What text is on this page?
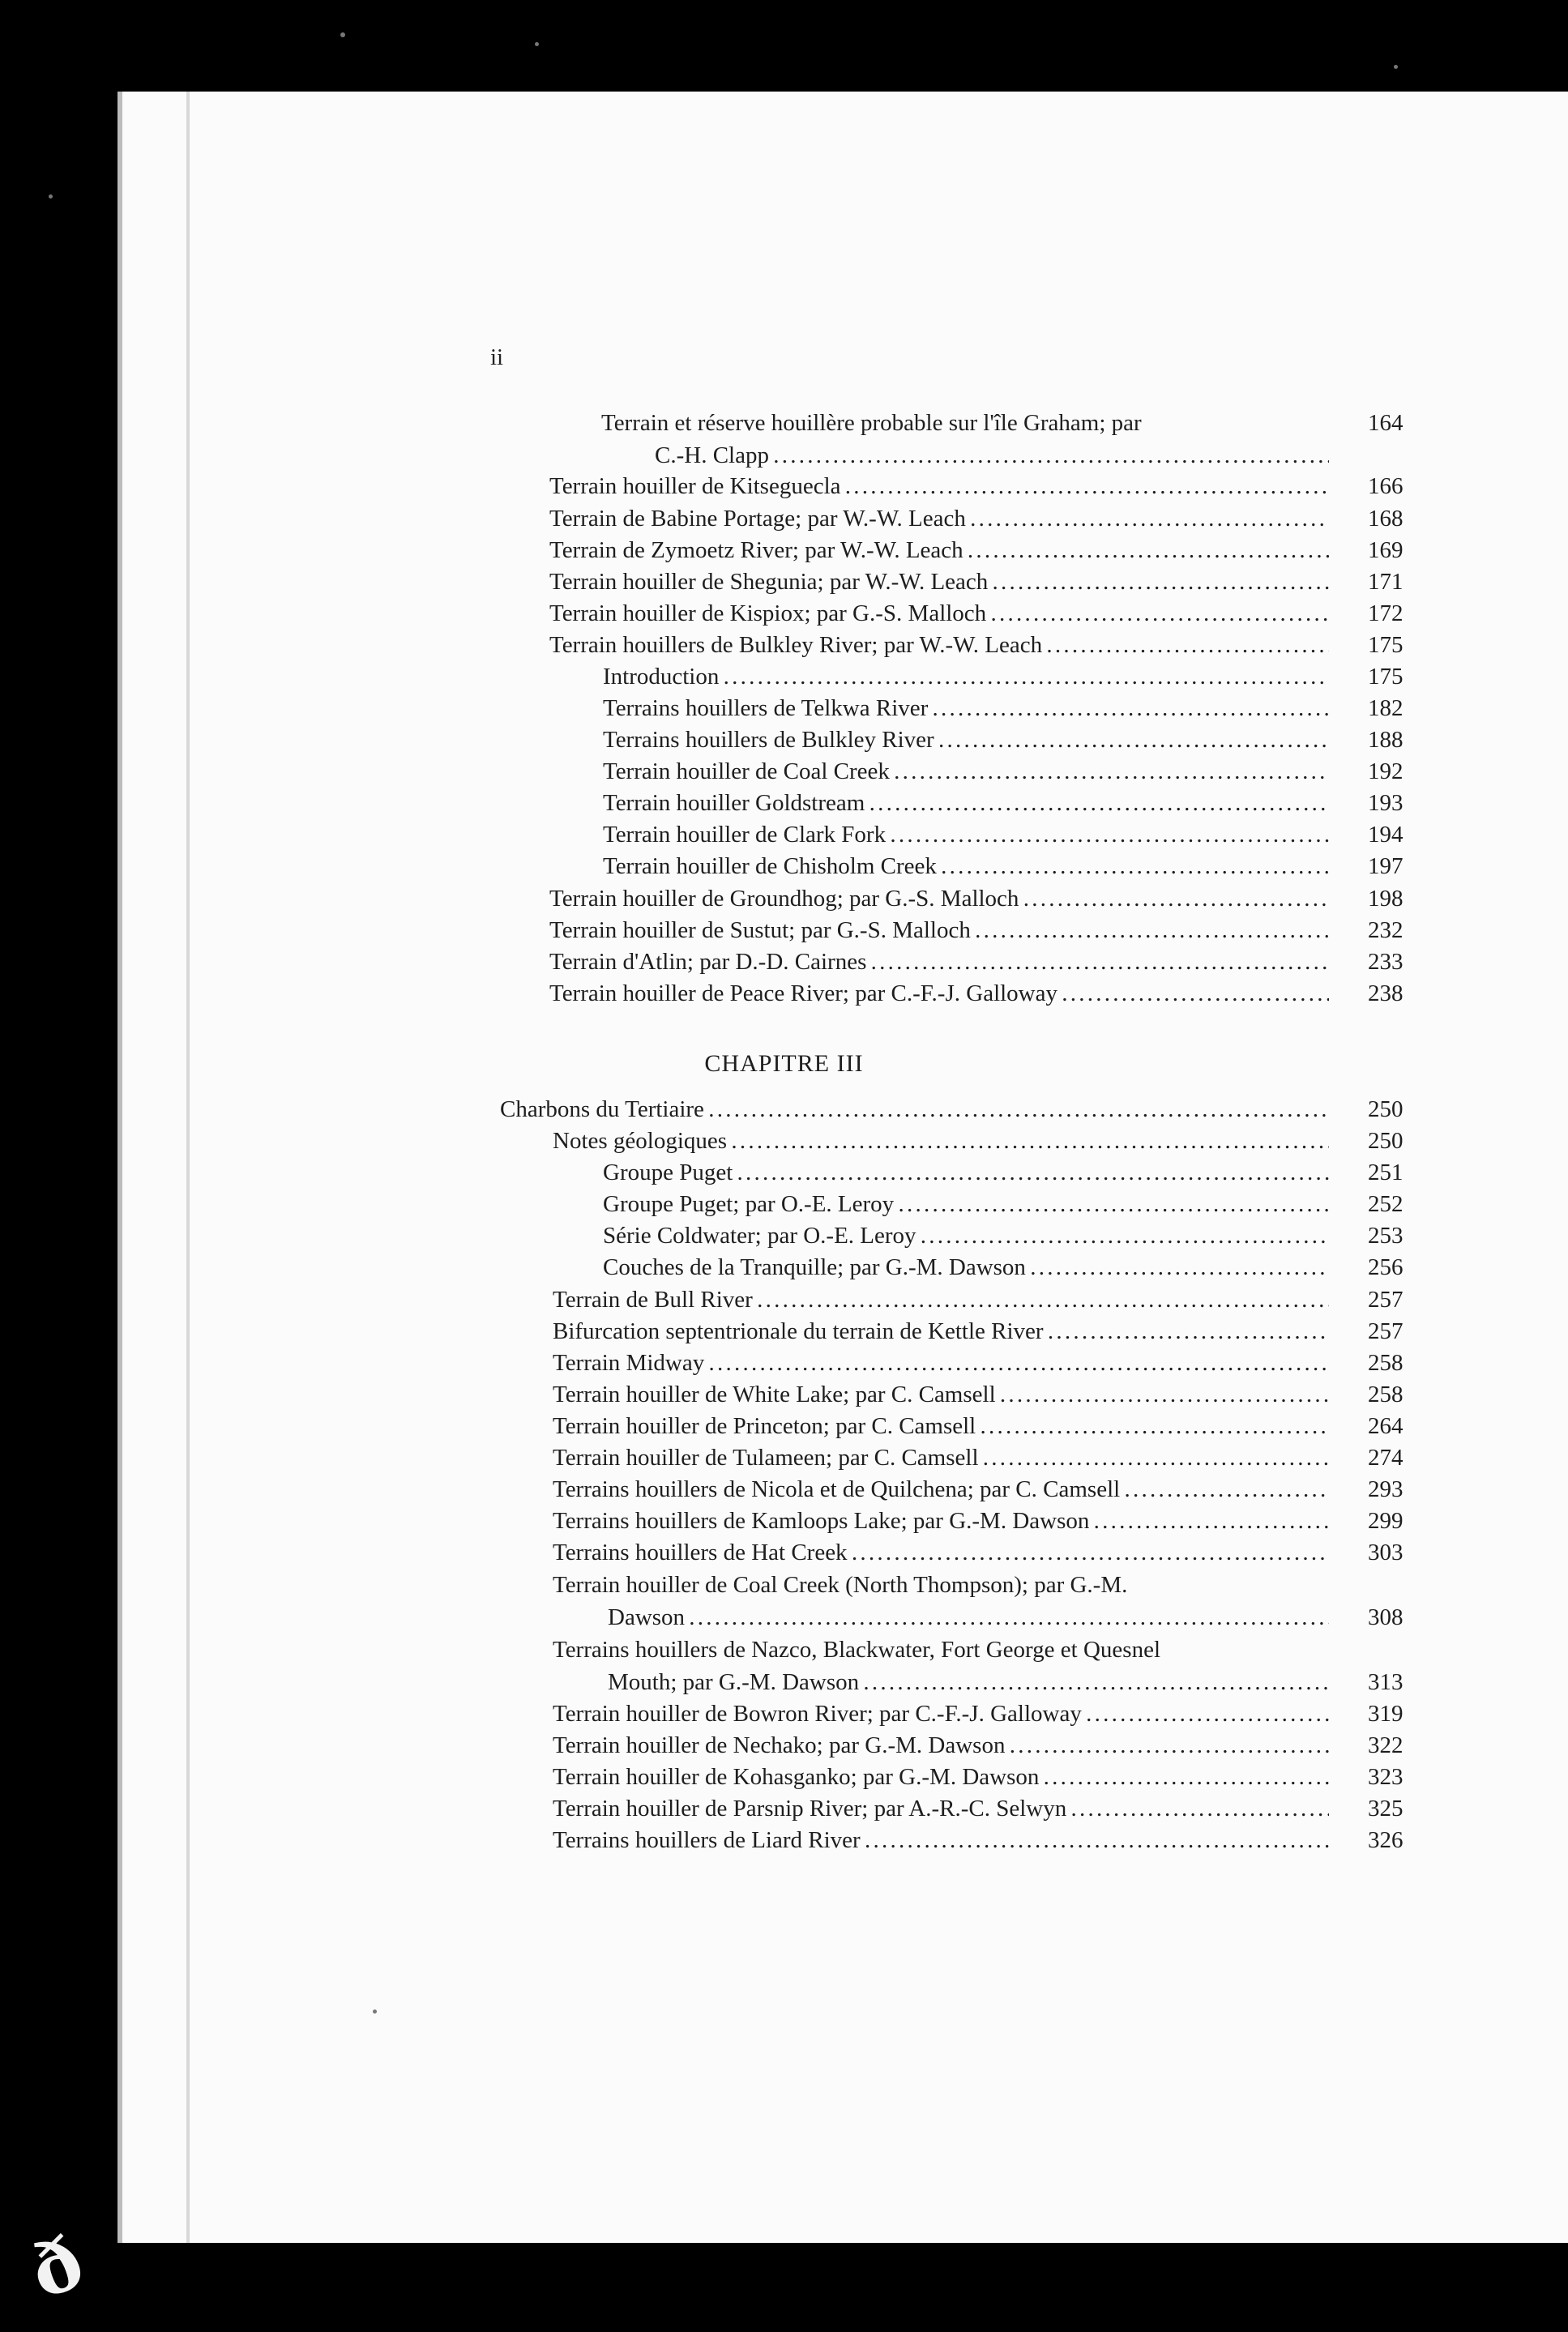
ð
ii
Terrain et réserve houillère probable sur l'île Graham; par	164
C.-H. Clapp . . .
Terrain houiller de Kitseguecla . . .	166
Terrain de Babine Portage; par W.-W. Leach . . .	168
Terrain de Zymoetz River; par W.-W. Leach . . .	169
Terrain houiller de Shegunia; par W.-W. Leach . . .	171
Terrain houiller de Kispiox; par G.-S. Malloch . . .	172
Terrain houillers de Bulkley River; par W.-W. Leach . . .	175
Introduction . . .	175
Terrains houillers de Telkwa River . . .	182
Terrains houillers de Bulkley River . . .	188
Terrain houiller de Coal Creek . . .	192
Terrain houiller Goldstream . . .	193
Terrain houiller de Clark Fork . . .	194
Terrain houiller de Chisholm Creek . . .	197
Terrain houiller de Groundhog; par G.-S. Malloch . . .	198
Terrain houiller de Sustut; par G.-S. Malloch . . .	232
Terrain d'Atlin; par D.-D. Cairnes . . .	233
Terrain houiller de Peace River; par C.-F.-J. Galloway . . .	238
CHAPITRE III
Charbons du Tertiaire . . .	250
Notes géologiques . . .	250
Groupe Puget . . .	251
Groupe Puget; par O.-E. Leroy . . .	252
Série Coldwater; par O.-E. Leroy . . .	253
Couches de la Tranquille; par G.-M. Dawson . . .	256
Terrain de Bull River . . .	257
Bifurcation septentrionale du terrain de Kettle River . . .	257
Terrain Midway . . .	258
Terrain houiller de White Lake; par C. Camsell . . .	258
Terrain houiller de Princeton; par C. Camsell . . .	264
Terrain houiller de Tulameen; par C. Camsell . . .	274
Terrains houillers de Nicola et de Quilchena; par C. Camsell . . .	293
Terrains houillers de Kamloops Lake; par G.-M. Dawson . . .	299
Terrains houillers de Hat Creek . . .	303
Terrain houiller de Coal Creek (North Thompson); par G.-M.
Dawson . . .	308
Terrains houillers de Nazco, Blackwater, Fort George et Quesnel
Mouth; par G.-M. Dawson . . .	313
Terrain houiller de Bowron River; par C.-F.-J. Galloway . . .	319
Terrain houiller de Nechako; par G.-M. Dawson . . .	322
Terrain houiller de Kohasganko; par G.-M. Dawson . . .	323
Terrain houiller de Parsnip River; par A.-R.-C. Selwyn . . .	325
Terrains houillers de Liard River . . .	326
